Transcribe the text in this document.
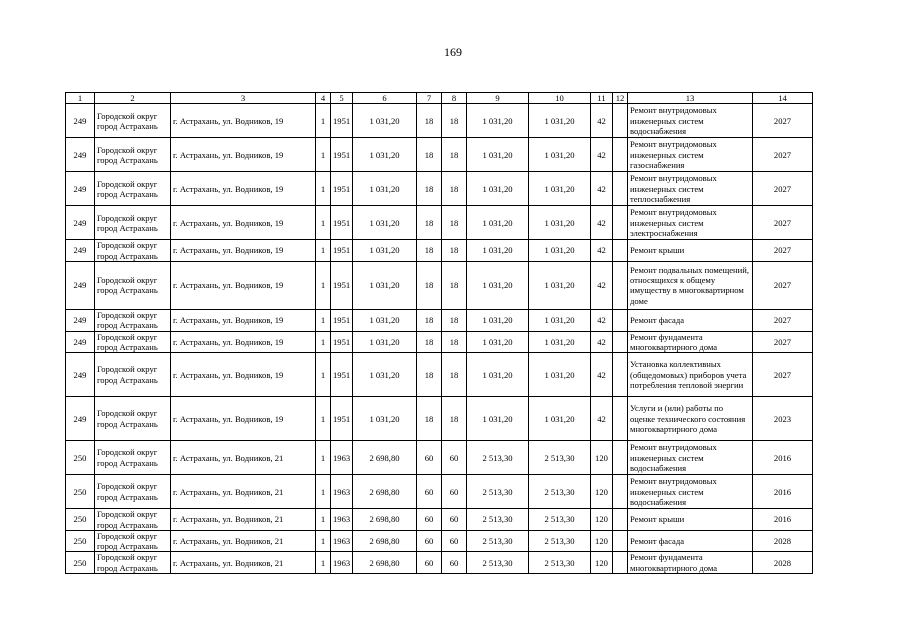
169
1	2	3	4	5	6	7	8	9	10	11	12	13	14
249	Городской округ город Астрахань	г. Астрахань, ул. Водников, 19	1	1951	1 031,20	18	18	1 031,20	1 031,20	42		Ремонт внутридомовых инженерных систем водоснабжения	2027
249	Городской округ город Астрахань	г. Астрахань, ул. Водников, 19	1	1951	1 031,20	18	18	1 031,20	1 031,20	42		Ремонт внутридомовых инженерных систем газоснабжения	2027
249	Городской округ город Астрахань	г. Астрахань, ул. Водников, 19	1	1951	1 031,20	18	18	1 031,20	1 031,20	42		Ремонт внутридомовых инженерных систем теплоснабжения	2027
249	Городской округ город Астрахань	г. Астрахань, ул. Водников, 19	1	1951	1 031,20	18	18	1 031,20	1 031,20	42		Ремонт внутридомовых инженерных систем электроснабжения	2027
249	Городской округ город Астрахань	г. Астрахань, ул. Водников, 19	1	1951	1 031,20	18	18	1 031,20	1 031,20	42		Ремонт крыши	2027
249	Городской округ город Астрахань	г. Астрахань, ул. Водников, 19	1	1951	1 031,20	18	18	1 031,20	1 031,20	42		Ремонт подвальных помещений, относящихся к общему имуществу в многоквартирном доме	2027
249	Городской округ город Астрахань	г. Астрахань, ул. Водников, 19	1	1951	1 031,20	18	18	1 031,20	1 031,20	42		Ремонт фасада	2027
249	Городской округ город Астрахань	г. Астрахань, ул. Водников, 19	1	1951	1 031,20	18	18	1 031,20	1 031,20	42		Ремонт фундамента многоквартирного дома	2027
249	Городской округ город Астрахань	г. Астрахань, ул. Водников, 19	1	1951	1 031,20	18	18	1 031,20	1 031,20	42		Установка коллективных (общедомовых) приборов учета потребления тепловой энергии	2027
249	Городской округ город Астрахань	г. Астрахань, ул. Водников, 19	1	1951	1 031,20	18	18	1 031,20	1 031,20	42		Услуги и (или) работы по оценке технического состояния многоквартирного дома	2023
250	Городской округ город Астрахань	г. Астрахань, ул. Водников, 21	1	1963	2 698,80	60	60	2 513,30	2 513,30	120		Ремонт внутридомовых инженерных систем водоснабжения	2016
250	Городской округ город Астрахань	г. Астрахань, ул. Водников, 21	1	1963	2 698,80	60	60	2 513,30	2 513,30	120		Ремонт внутридомовых инженерных систем водоснабжения	2016
250	Городской округ город Астрахань	г. Астрахань, ул. Водников, 21	1	1963	2 698,80	60	60	2 513,30	2 513,30	120		Ремонт крыши	2016
250	Городской округ город Астрахань	г. Астрахань, ул. Водников, 21	1	1963	2 698,80	60	60	2 513,30	2 513,30	120		Ремонт фасада	2028
250	Городской округ город Астрахань	г. Астрахань, ул. Водников, 21	1	1963	2 698,80	60	60	2 513,30	2 513,30	120		Ремонт фундамента многоквартирного дома	2028
